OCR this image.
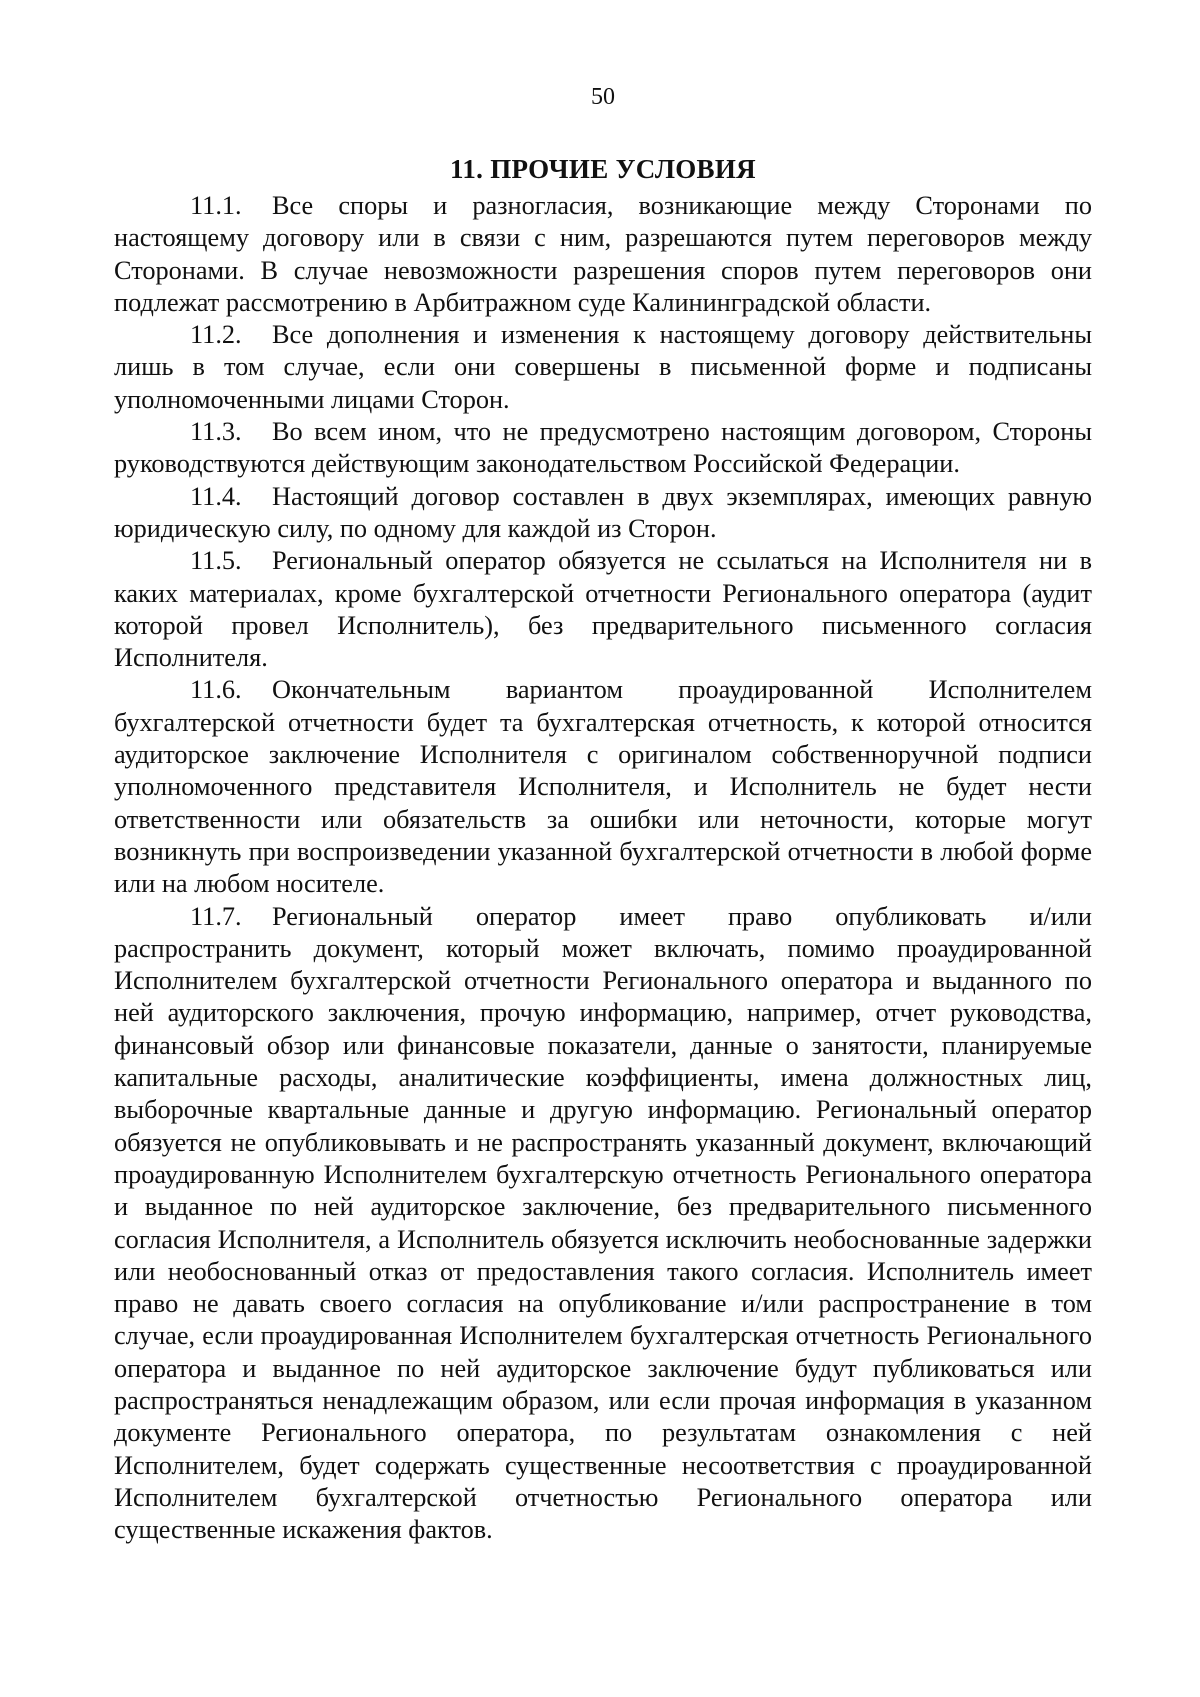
50
11. ПРОЧИЕ УСЛОВИЯ

11.1. Все споры и разногласия, возникающие между Сторонами по настоящему договору или в связи с ним, разрешаются путем переговоров между Сторонами. В случае невозможности разрешения споров путем переговоров они подлежат рассмотрению в Арбитражном суде Калининградской области.

11.2. Все дополнения и изменения к настоящему договору действительны лишь в том случае, если они совершены в письменной форме и подписаны уполномоченными лицами Сторон.

11.3. Во всем ином, что не предусмотрено настоящим договором, Стороны руководствуются действующим законодательством Российской Федерации.

11.4. Настоящий договор составлен в двух экземплярах, имеющих равную юридическую силу, по одному для каждой из Сторон.

11.5. Региональный оператор обязуется не ссылаться на Исполнителя ни в каких материалах, кроме бухгалтерской отчетности Регионального оператора (аудит которой провел Исполнитель), без предварительного письменного согласия Исполнителя.

11.6. Окончательным вариантом проаудированной Исполнителем бухгалтерской отчетности будет та бухгалтерская отчетность, к которой относится аудиторское заключение Исполнителя с оригиналом собственноручной подписи уполномоченного представителя Исполнителя, и Исполнитель не будет нести ответственности или обязательств за ошибки или неточности, которые могут возникнуть при воспроизведении указанной бухгалтерской отчетности в любой форме или на любом носителе.

11.7. Региональный оператор имеет право опубликовать и/или распространить документ, который может включать, помимо проаудированной Исполнителем бухгалтерской отчетности Регионального оператора и выданного по ней аудиторского заключения, прочую информацию, например, отчет руководства, финансовый обзор или финансовые показатели, данные о занятости, планируемые капитальные расходы, аналитические коэффициенты, имена должностных лиц, выборочные квартальные данные и другую информацию. Региональный оператор обязуется не опубликовывать и не распространять указанный документ, включающий проаудированную Исполнителем бухгалтерскую отчетность Регионального оператора и выданное по ней аудиторское заключение, без предварительного письменного согласия Исполнителя, а Исполнитель обязуется исключить необоснованные задержки или необоснованный отказ от предоставления такого согласия. Исполнитель имеет право не давать своего согласия на опубликование и/или распространение в том случае, если проаудированная Исполнителем бухгалтерская отчетность Регионального оператора и выданное по ней аудиторское заключение будут публиковаться или распространяться ненадлежащим образом, или если прочая информация в указанном документе Регионального оператора, по результатам ознакомления с ней Исполнителем, будет содержать существенные несоответствия с проаудированной Исполнителем бухгалтерской отчетностью Регионального оператора или существенные искажения фактов.
